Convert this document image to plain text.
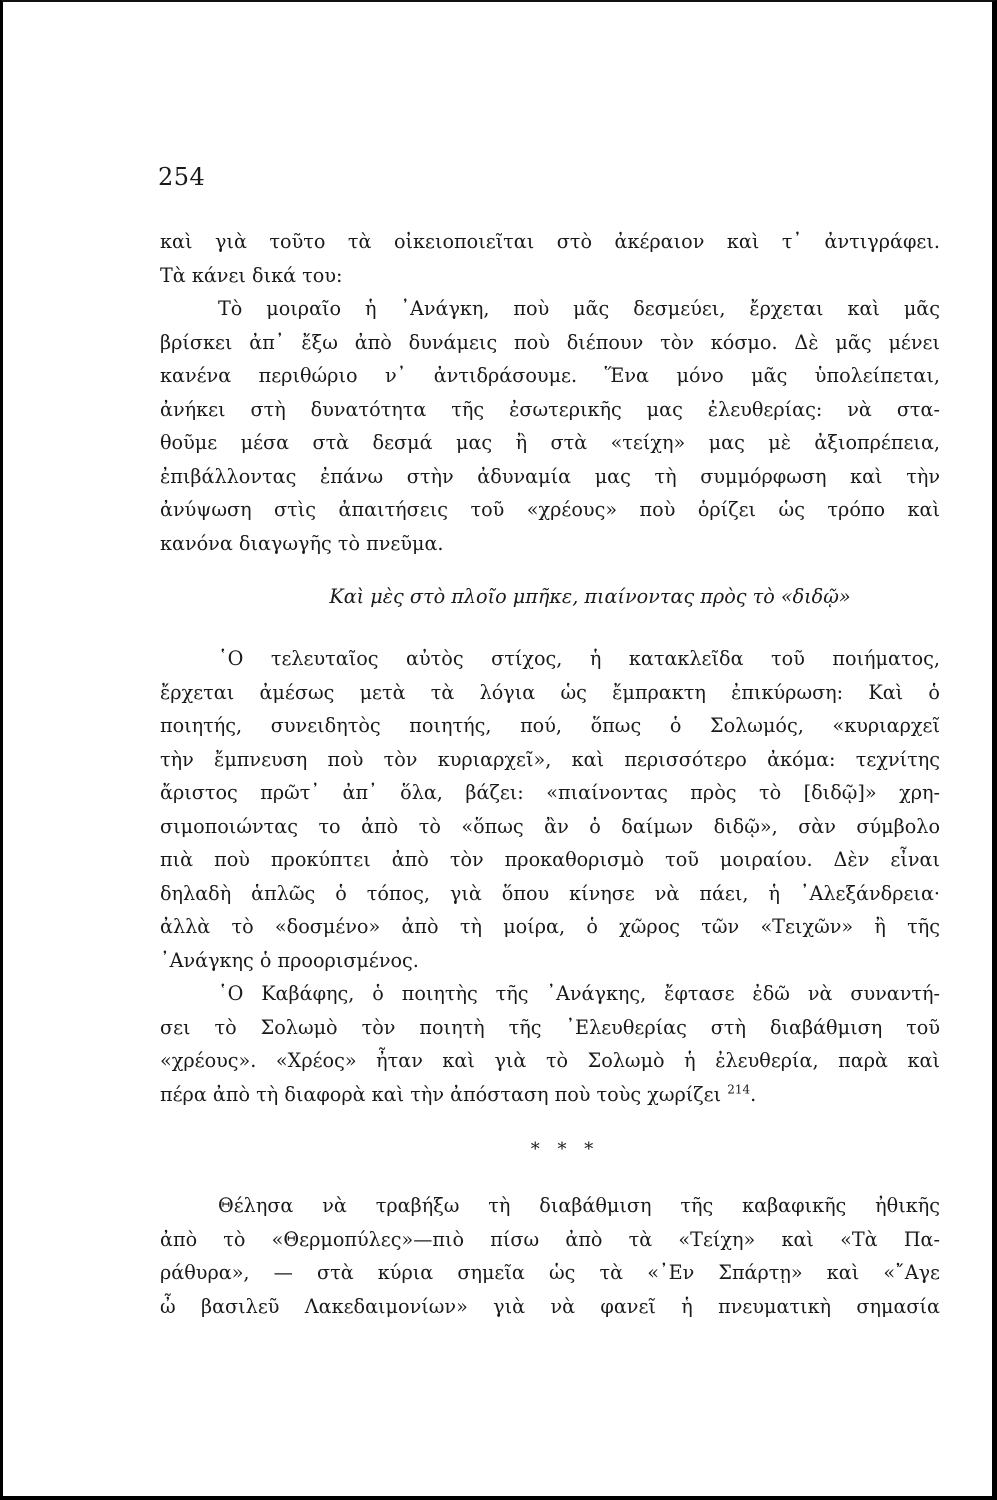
254
καὶ γιὰ τοῦτο τὰ οἰκειοποιεῖται στὸ ἀκέραιον καὶ τ᾽ ἀντιγράφει.
Τὰ κάνει δικά του:
Τὸ μοιραῖο ἡ ᾽Ανάγκη, ποὺ μᾶς δεσμεύει, ἔρχεται καὶ μᾶς
βρίσκει ἀπ᾽ ἔξω ἀπὸ δυνάμεις ποὺ διέπουν τὸν κόσμο. Δὲ μᾶς μένει
κανένα περιθώριο ν᾽ ἀντιδράσουμε. Ἕνα μόνο μᾶς ὑπολείπεται,
ἀνήκει στὴ δυνατότητα τῆς ἐσωτερικῆς μας ἐλευθερίας: νὰ στα-
θοῦμε μέσα στὰ δεσμά μας ἢ στὰ «τείχη» μας μὲ ἀξιοπρέπεια,
ἐπιβάλλοντας ἐπάνω στὴν ἀδυναμία μας τὴ συμμόρφωση καὶ τὴν
ἀνύψωση στὶς ἀπαιτήσεις τοῦ «χρέους» ποὺ ὁρίζει ὡς τρόπο καὶ
κανόνα διαγωγῆς τὸ πνεῦμα.
Καὶ μὲς στὸ πλοῖο μπῆκε, πιαίνοντας πρὸς τὸ «διδῷ»
῾Ο τελευταῖος αὐτὸς στίχος, ἡ κατακλεῖδα τοῦ ποιήματος,
ἔρχεται ἀμέσως μετὰ τὰ λόγια ὡς ἔμπρακτη ἐπικύρωση: Καὶ ὁ
ποιητής, συνειδητὸς ποιητής, πού, ὅπως ὁ Σολωμός, «κυριαρχεῖ
τὴν ἔμπνευση ποὺ τὸν κυριαρχεῖ», καὶ περισσότερο ἀκόμα: τεχνίτης
ἄριστος πρῶτ᾽ ἀπ᾽ ὅλα, βάζει: «πιαίνοντας πρὸς τὸ [διδῷ]» χρη-
σιμοποιώντας το ἀπὸ τὸ «ὅπως ἂν ὁ δαίμων διδῷ», σὰν σύμβολο
πιὰ ποὺ προκύπτει ἀπὸ τὸν προκαθορισμὸ τοῦ μοιραίου. Δὲν εἶναι
δηλαδὴ ἁπλῶς ὁ τόπος, γιὰ ὅπου κίνησε νὰ πάει, ἡ ᾽Αλεξάνδρεια·
ἀλλὰ τὸ «δοσμένο» ἀπὸ τὴ μοίρα, ὁ χῶρος τῶν «Τειχῶν» ἢ τῆς
᾽Ανάγκης ὁ προορισμένος.
῾Ο Καβάφης, ὁ ποιητὴς τῆς ᾽Ανάγκης, ἔφτασε ἐδῶ νὰ συναντή-
σει τὸ Σολωμὸ τὸν ποιητὴ τῆς ᾽Ελευθερίας στὴ διαβάθμιση τοῦ
«χρέους». «Χρέος» ἦταν καὶ γιὰ τὸ Σολωμὸ ἡ ἐλευθερία, παρὰ καὶ
πέρα ἀπὸ τὴ διαφορὰ καὶ τὴν ἀπόσταση ποὺ τοὺς χωρίζει $^{214}$.
* * *
Θέλησα νὰ τραβήξω τὴ διαβάθμιση τῆς καβαφικῆς ἠθικῆς
ἀπὸ τὸ «Θερμοπύλες»—πιὸ πίσω ἀπὸ τὰ «Τείχη» καὶ «Τὰ Πα-
ράθυρα», — στὰ κύρια σημεῖα ὡς τὰ «᾽Εν Σπάρτῃ» καὶ «῎Αγε
ὦ βασιλεῦ Λακεδαιμονίων» γιὰ νὰ φανεῖ ἡ πνευματικὴ σημασία
